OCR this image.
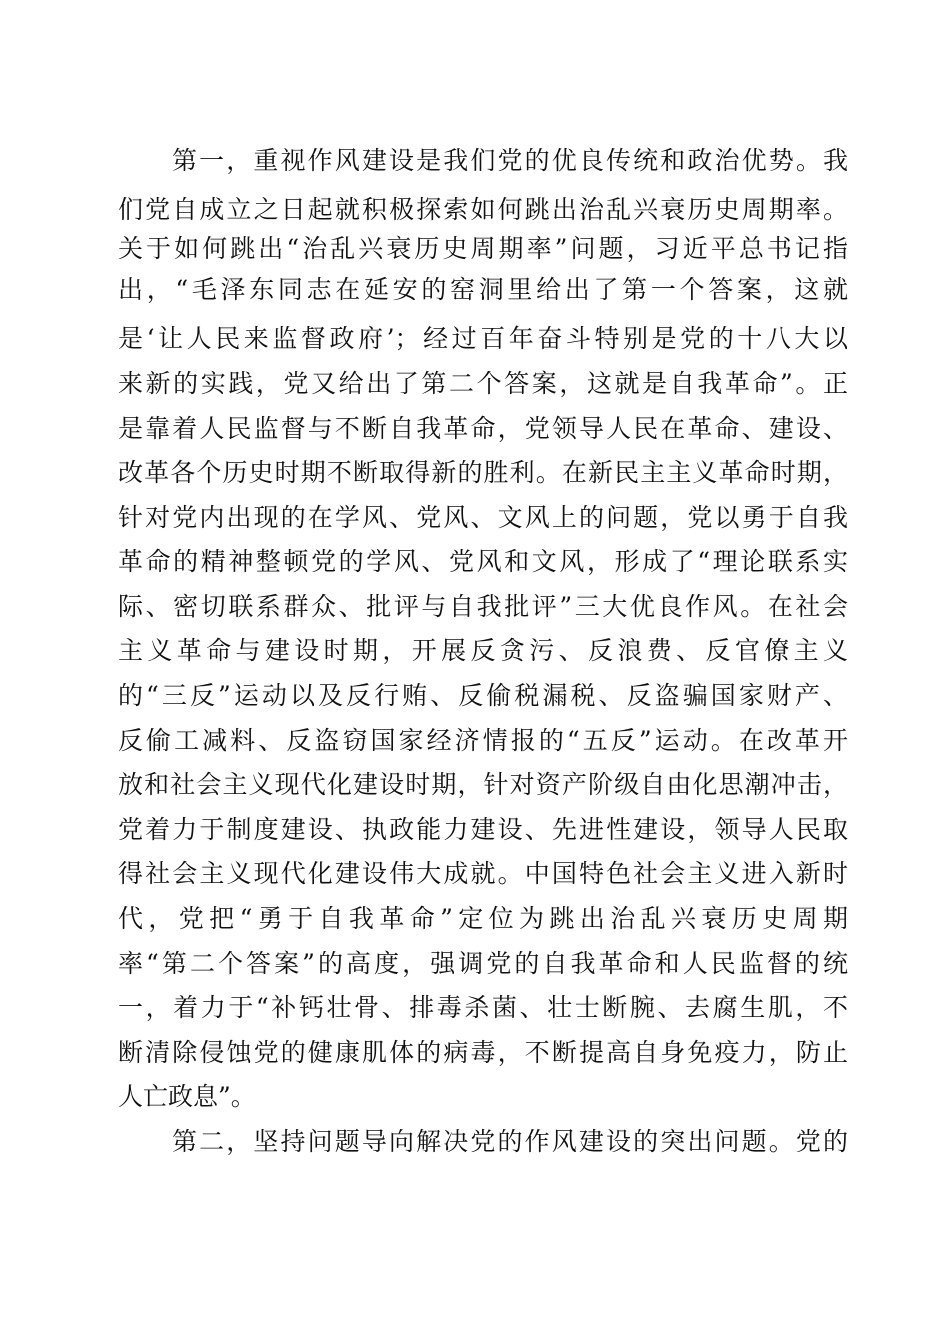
第一，重视作风建设是我们党的优良传统和政治优势。我
们党自成立之日起就积极探索如何跳出治乱兴衰历史周期率。
关于如何跳出“治乱兴衰历史周期率”问题，习近平总书记指
出，“毛泽东同志在延安的窑洞里给出了第一个答案，这就
是‘让人民来监督政府’；经过百年奋斗特别是党的十八大以
来新的实践，党又给出了第二个答案，这就是自我革命”。正
是靠着人民监督与不断自我革命，党领导人民在革命、建设、
改革各个历史时期不断取得新的胜利。在新民主主义革命时期，
针对党内出现的在学风、党风、文风上的问题，党以勇于自我
革命的精神整顿党的学风、党风和文风，形成了“理论联系实
际、密切联系群众、批评与自我批评”三大优良作风。在社会
主义革命与建设时期，开展反贪污、反浪费、反官僚主义
的“三反”运动以及反行贿、反偷税漏税、反盗骗国家财产、
反偷工减料、反盗窃国家经济情报的“五反”运动。在改革开
放和社会主义现代化建设时期，针对资产阶级自由化思潮冲击，
党着力于制度建设、执政能力建设、先进性建设，领导人民取
得社会主义现代化建设伟大成就。中国特色社会主义进入新时
代，党把“勇于自我革命”定位为跳出治乱兴衰历史周期
率“第二个答案”的高度，强调党的自我革命和人民监督的统
一，着力于“补钙壮骨、排毒杀菌、壮士断腕、去腐生肌，不
断清除侵蚀党的健康肌体的病毒，不断提高自身免疫力，防止
人亡政息”。
第二，坚持问题导向解决党的作风建设的突出问题。党的
